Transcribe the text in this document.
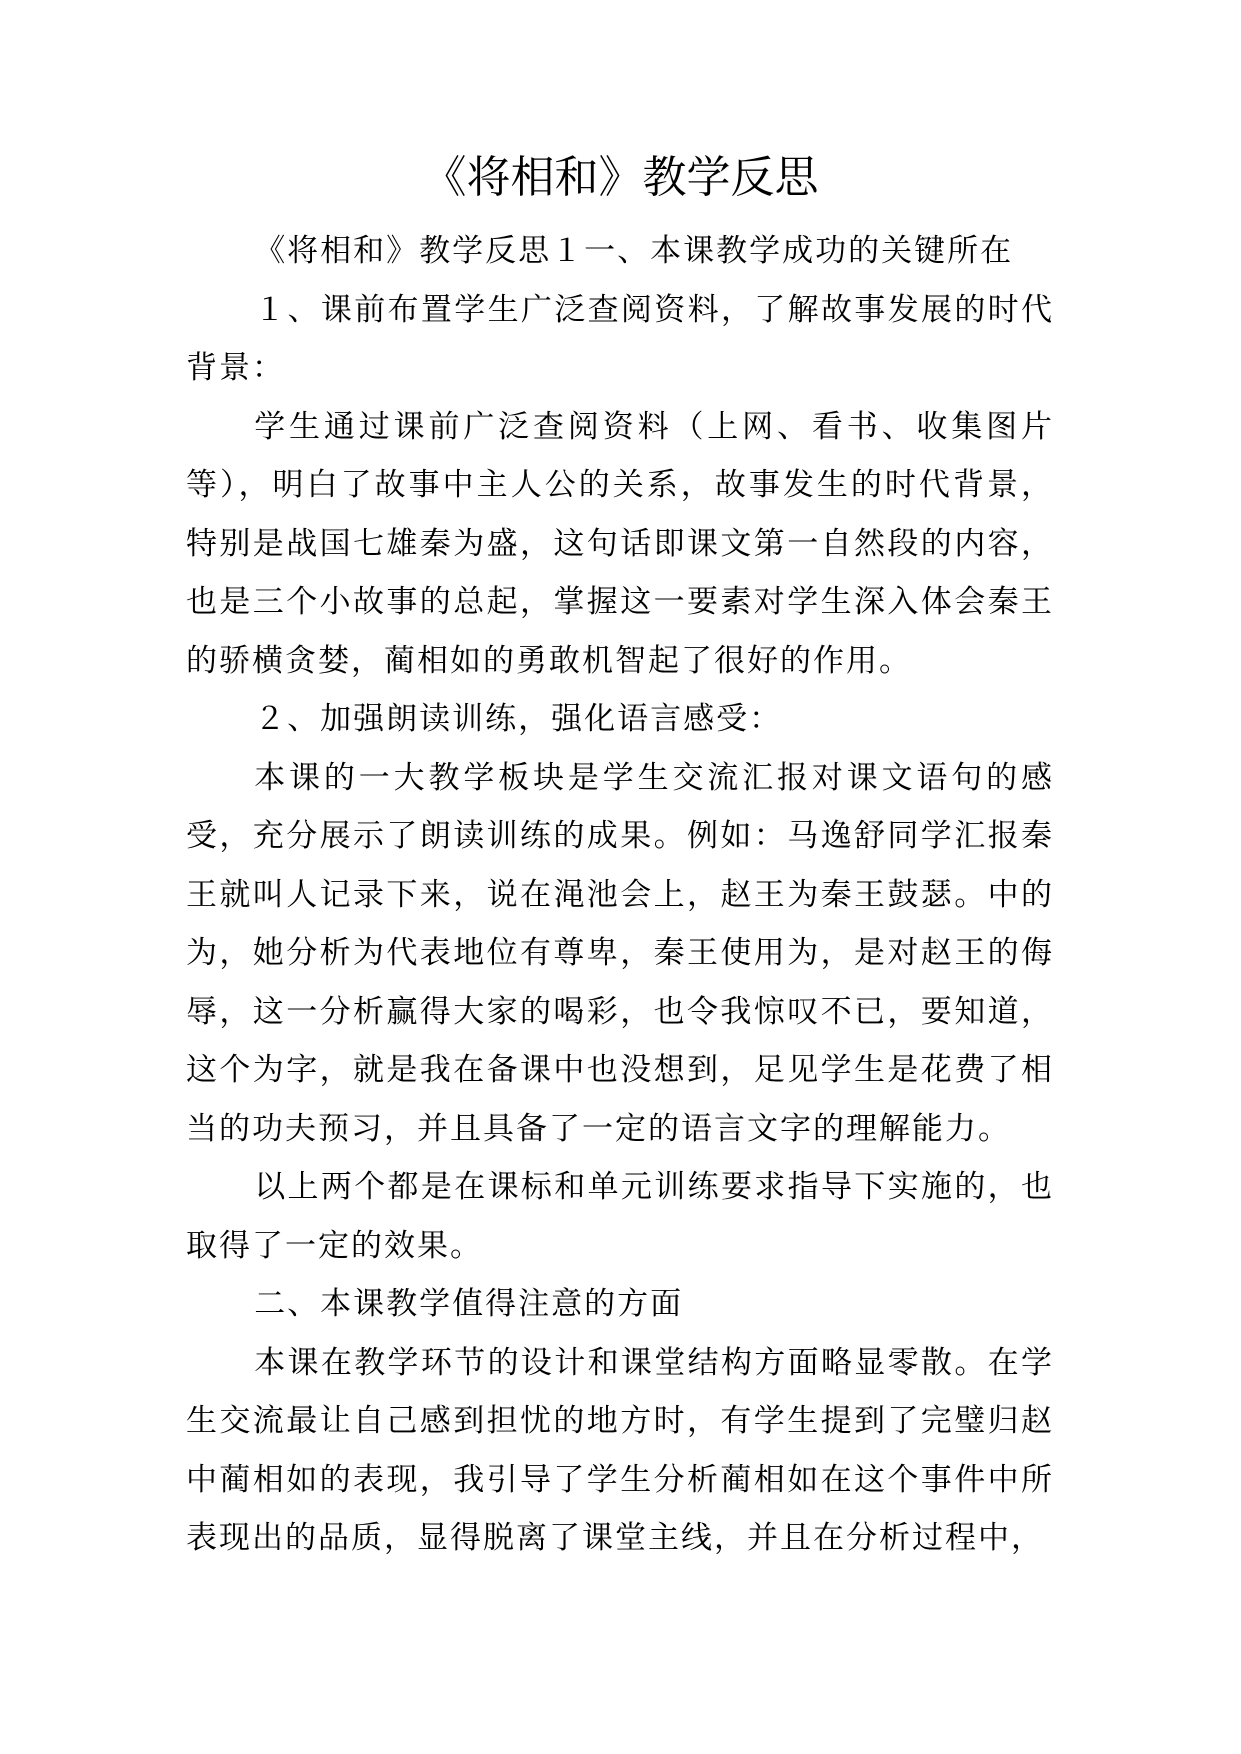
《将相和》教学反思

《将相和》教学反思１一、本课教学成功的关键所在

１、课前布置学生广泛查阅资料，了解故事发展的时代背景：

学生通过课前广泛查阅资料（上网、看书、收集图片等），明白了故事中主人公的关系，故事发生的时代背景，特别是战国七雄秦为盛，这句话即课文第一自然段的内容，也是三个小故事的总起，掌握这一要素对学生深入体会秦王的骄横贪婪，蔺相如的勇敢机智起了很好的作用。

２、加强朗读训练，强化语言感受：

本课的一大教学板块是学生交流汇报对课文语句的感受，充分展示了朗读训练的成果。例如：马逸舒同学汇报秦王就叫人记录下来，说在渑池会上，赵王为秦王鼓瑟。中的为，她分析为代表地位有尊卑，秦王使用为，是对赵王的侮辱，这一分析赢得大家的喝彩，也令我惊叹不已，要知道，这个为字，就是我在备课中也没想到，足见学生是花费了相当的功夫预习，并且具备了一定的语言文字的理解能力。

以上两个都是在课标和单元训练要求指导下实施的，也取得了一定的效果。

二、本课教学值得注意的方面

本课在教学环节的设计和课堂结构方面略显零散。在学生交流最让自己感到担忧的地方时，有学生提到了完璧归赵中蔺相如的表现，我引导了学生分析蔺相如在这个事件中所表现出的品质，显得脱离了课堂主线，并且在分析过程中，
